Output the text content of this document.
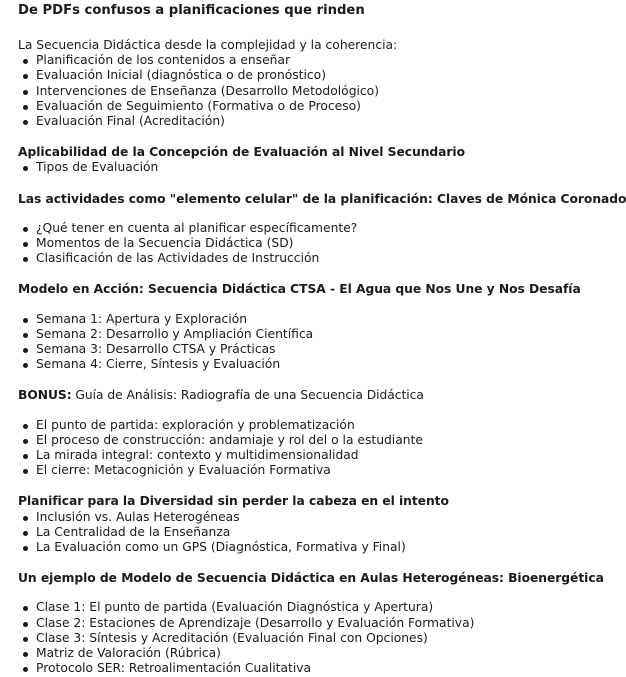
De PDFs confusos a planificaciones que rinden

La Secuencia Didáctica desde la complejidad y la coherencia:

Planificación de los contenidos a enseñar
Evaluación Inicial (diagnóstica o de pronóstico)
Intervenciones de Enseñanza (Desarrollo Metodológico)
Evaluación de Seguimiento (Formativa o de Proceso)
Evaluación Final (Acreditación)

Aplicabilidad de la Concepción de Evaluación al Nivel Secundario

Tipos de Evaluación

Las actividades como "elemento celular" de la planificación: Claves de Mónica Coronado

¿Qué tener en cuenta al planificar específicamente?
Momentos de la Secuencia Didáctica (SD)
Clasificación de las Actividades de Instrucción

Modelo en Acción: Secuencia Didáctica CTSA - El Agua que Nos Une y Nos Desafía

Semana 1: Apertura y Exploración
Semana 2: Desarrollo y Ampliación Científica
Semana 3: Desarrollo CTSA y Prácticas
Semana 4: Cierre, Síntesis y Evaluación

BONUS: Guía de Análisis: Radiografía de una Secuencia Didáctica

El punto de partida: exploración y problematización
El proceso de construcción: andamiaje y rol del o la estudiante
La mirada integral: contexto y multidimensionalidad
El cierre: Metacognición y Evaluación Formativa

Planificar para la Diversidad sin perder la cabeza en el intento

Inclusión vs. Aulas Heterogéneas
La Centralidad de la Enseñanza
La Evaluación como un GPS (Diagnóstica, Formativa y Final)

Un ejemplo de Modelo de Secuencia Didáctica en Aulas Heterogéneas: Bioenergética

Clase 1: El punto de partida (Evaluación Diagnóstica y Apertura)
Clase 2: Estaciones de Aprendizaje (Desarrollo y Evaluación Formativa)
Clase 3: Síntesis y Acreditación (Evaluación Final con Opciones)
Matriz de Valoración (Rúbrica)
Protocolo SER: Retroalimentación Cualitativa
